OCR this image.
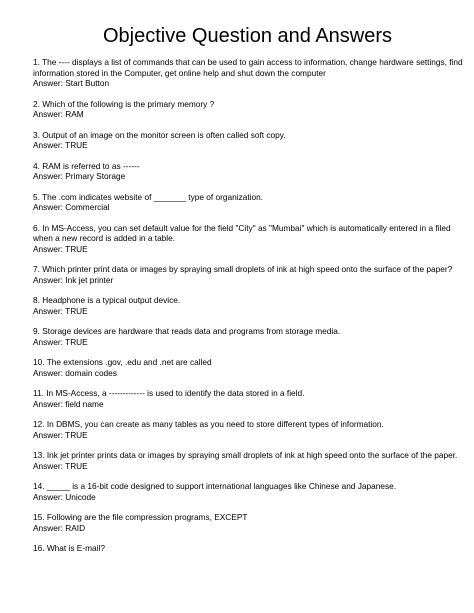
Objective Question and Answers
1. The ---- displays a list of commands that can be used to gain access to information, change hardware settings, find information stored in the Computer, get online help and shut down the computer
Answer: Start Button
2. Which of the following is the primary memory ?
Answer: RAM
3. Output of an image on the monitor screen is often called soft copy.
Answer: TRUE
4. RAM is referred to as ------
Answer: Primary Storage
5. The .com indicates website of _______ type of organization.
Answer: Commercial
6. In MS-Access, you can set default value for the field "City" as "Mumbai" which is automatically entered in a filed when a new record is added in a table.
Answer: TRUE
7. Which printer print data or images by spraying small droplets of ink at high speed onto the surface of the paper?
Answer: Ink jet printer
8. Headphone is a typical output device.
Answer: TRUE
9. Storage devices are hardware that reads data and programs from storage media.
Answer: TRUE
10. The extensions .gov, .edu and .net are called
Answer: domain codes
11. In MS-Access, a ------------- is used to identify the data stored in a field.
Answer: field name
12. In DBMS, you can create as many tables as you need to store different types of information.
Answer: TRUE
13. Ink jet printer prints data or images by spraying small droplets of ink at high speed onto the surface of the paper.
Answer: TRUE
14. _____ is a 16-bit code designed to support international languages like Chinese and Japanese.
Answer: Unicode
15. Following are the file compression programs, EXCEPT
Answer: RAID
16. What is E-mail?
